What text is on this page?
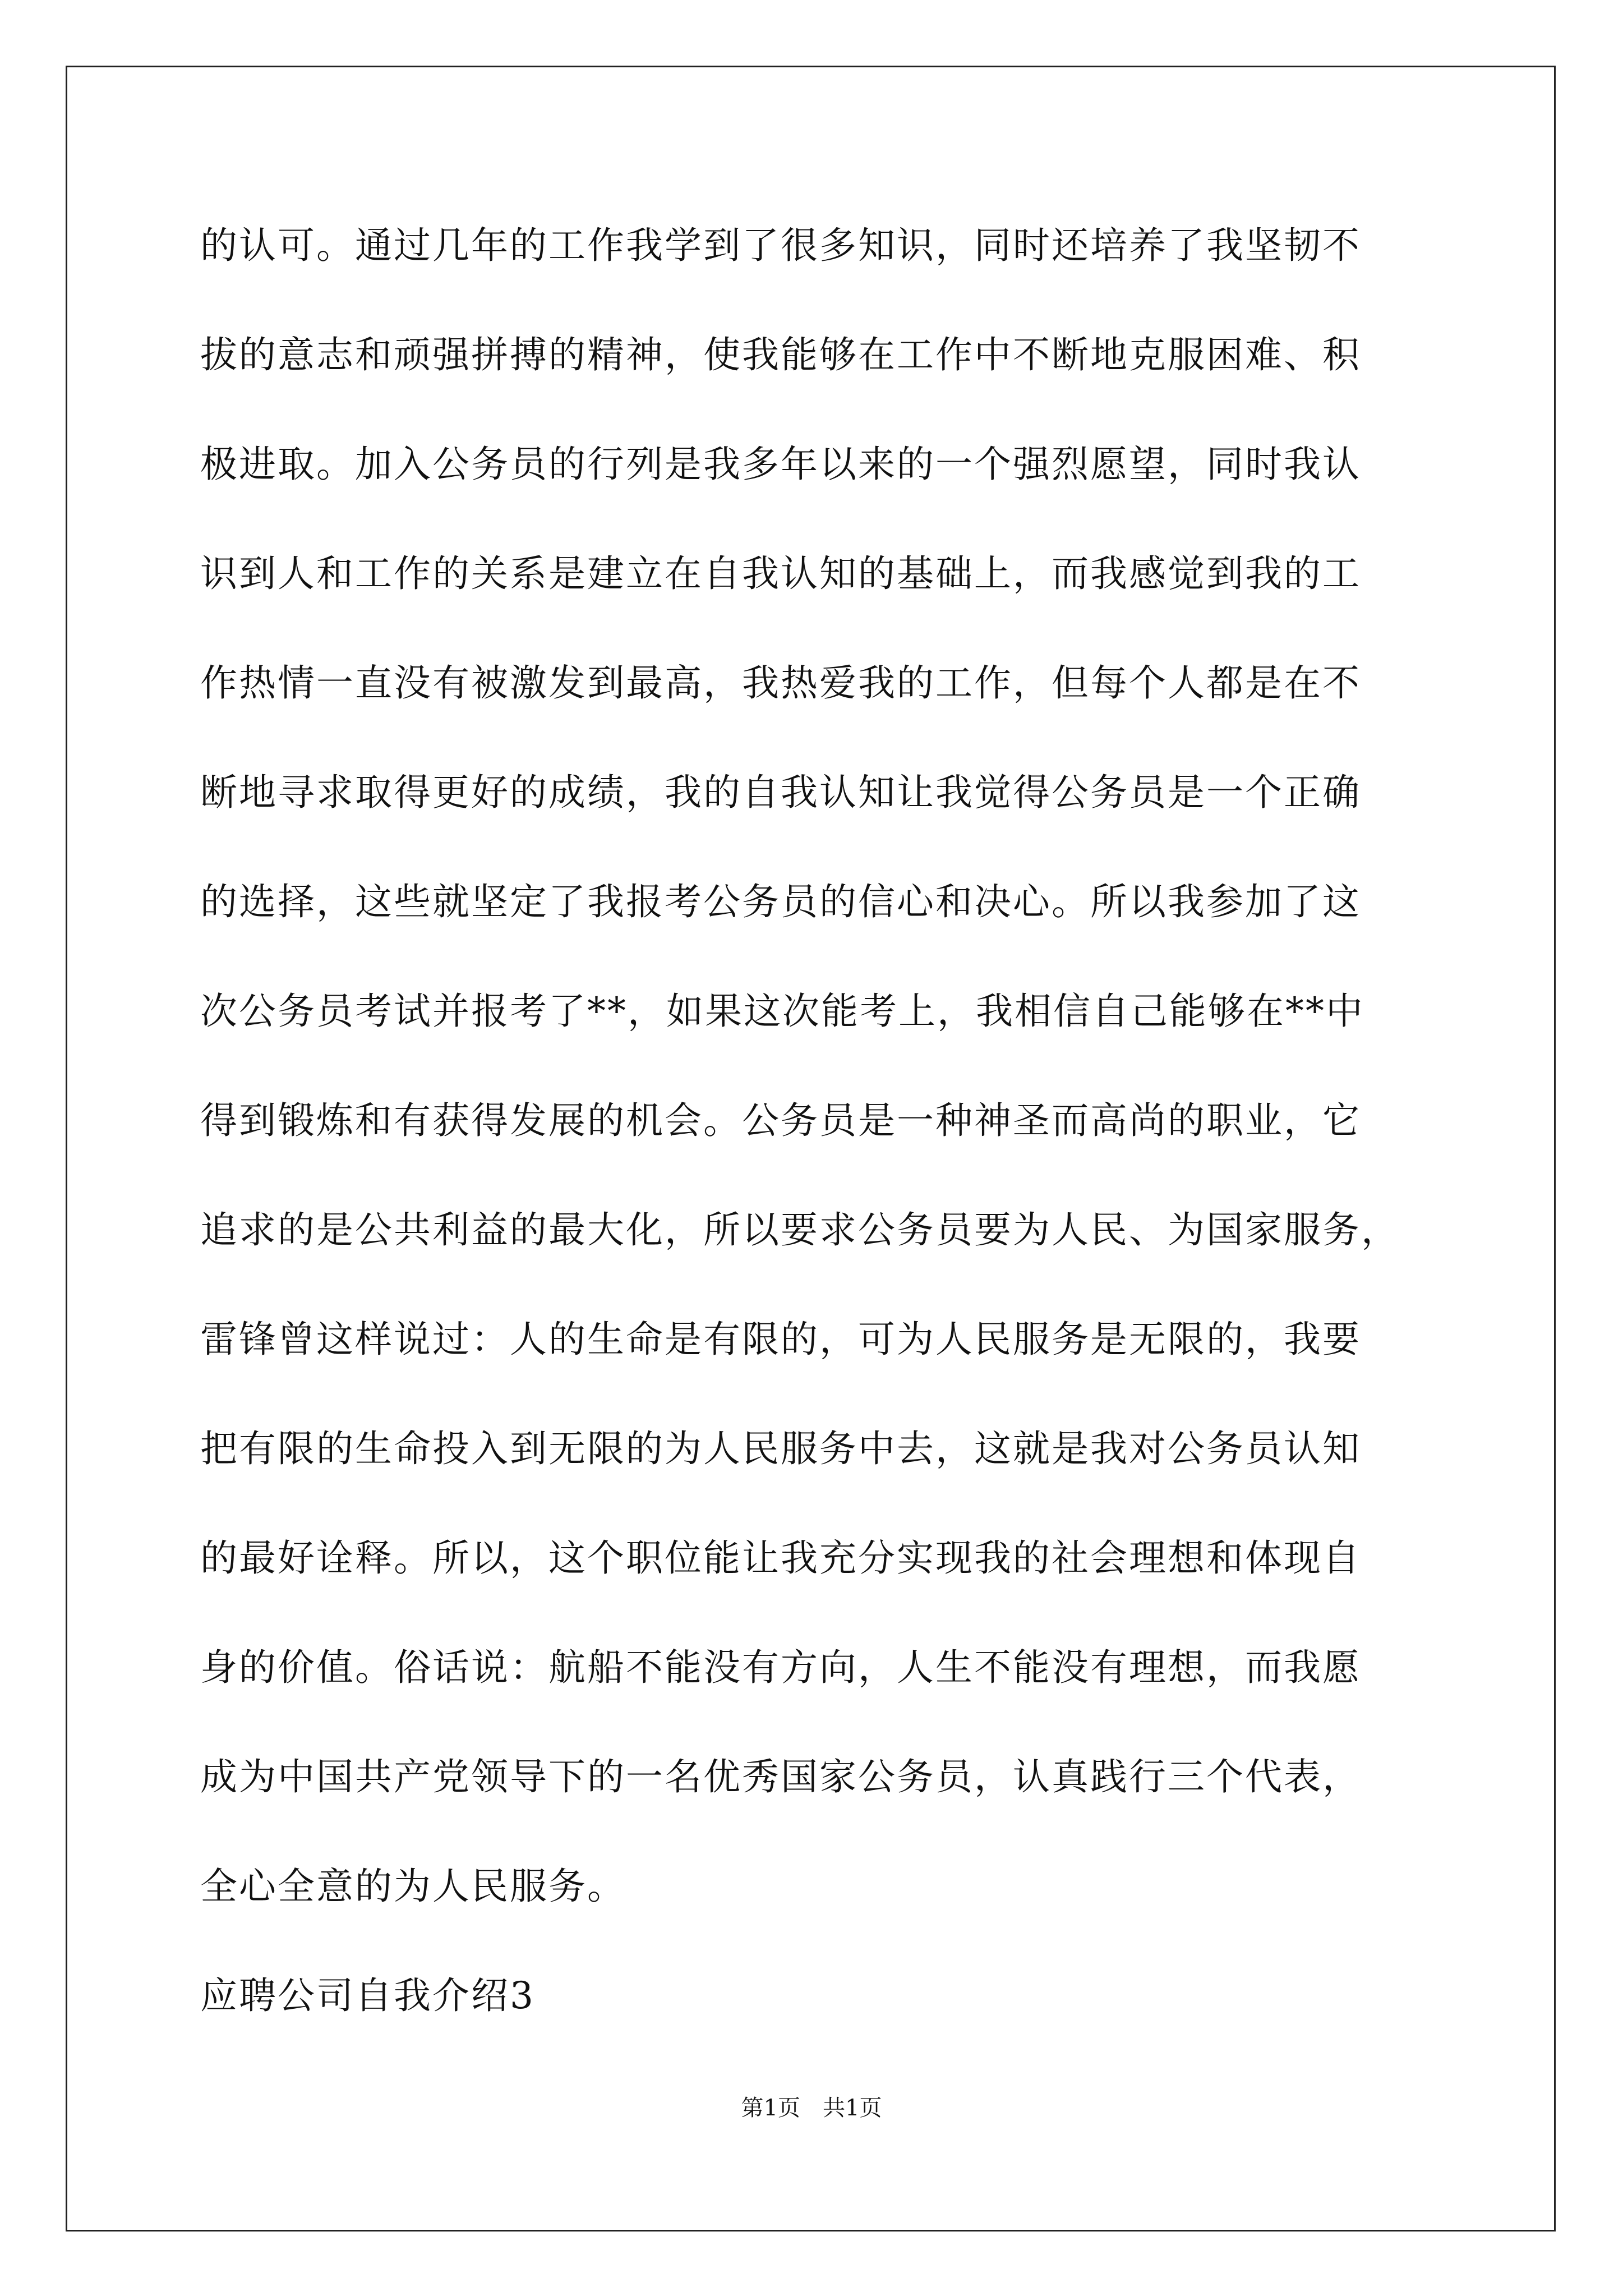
的认可。通过几年的工作我学到了很多知识，同时还培养了我坚韧不
拔的意志和顽强拼搏的精神，使我能够在工作中不断地克服困难、积
极进取。加入公务员的行列是我多年以来的一个强烈愿望，同时我认
识到人和工作的关系是建立在自我认知的基础上，而我感觉到我的工
作热情一直没有被激发到最高，我热爱我的工作，但每个人都是在不
断地寻求取得更好的成绩，我的自我认知让我觉得公务员是一个正确
的选择，这些就坚定了我报考公务员的信心和决心。所以我参加了这
次公务员考试并报考了**，如果这次能考上，我相信自己能够在**中
得到锻炼和有获得发展的机会。公务员是一种神圣而高尚的职业，它
追求的是公共利益的最大化，所以要求公务员要为人民、为国家服务，
雷锋曾这样说过：人的生命是有限的，可为人民服务是无限的，我要
把有限的生命投入到无限的为人民服务中去，这就是我对公务员认知
的最好诠释。所以，这个职位能让我充分实现我的社会理想和体现自
身的价值。俗话说：航船不能没有方向，人生不能没有理想，而我愿
成为中国共产党领导下的一名优秀国家公务员，认真践行三个代表，
全心全意的为人民服务。
应聘公司自我介绍3
第1页　共1页
